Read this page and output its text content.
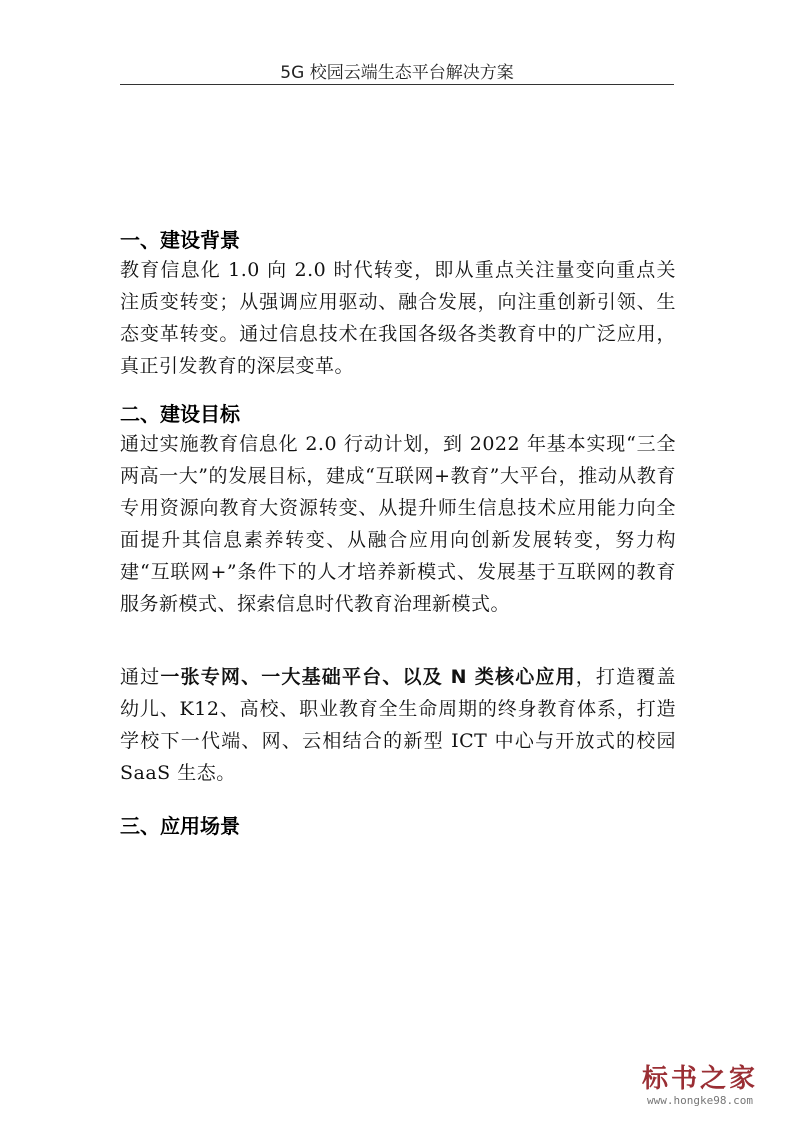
5G 校园云端生态平台解决方案
一、建设背景

教育信息化 1.0 向 2.0 时代转变，即从重点关注量变向重点关注质变转变；从强调应用驱动、融合发展，向注重创新引领、生态变革转变。通过信息技术在我国各级各类教育中的广泛应用，真正引发教育的深层变革。

二、建设目标

通过实施教育信息化 2.0 行动计划，到 2022 年基本实现“三全两高一大”的发展目标，建成“互联网+教育”大平台，推动从教育专用资源向教育大资源转变、从提升师生信息技术应用能力向全面提升其信息素养转变、从融合应用向创新发展转变，努力构建“互联网+”条件下的人才培养新模式、发展基于互联网的教育服务新模式、探索信息时代教育治理新模式。

通过一张专网、一大基础平台、以及 N 类核心应用，打造覆盖幼儿、K12、高校、职业教育全生命周期的终身教育体系，打造学校下一代端、网、云相结合的新型 ICT 中心与开放式的校园 SaaS 生态。

三、应用场景
标书之家
www.hongke98.com
